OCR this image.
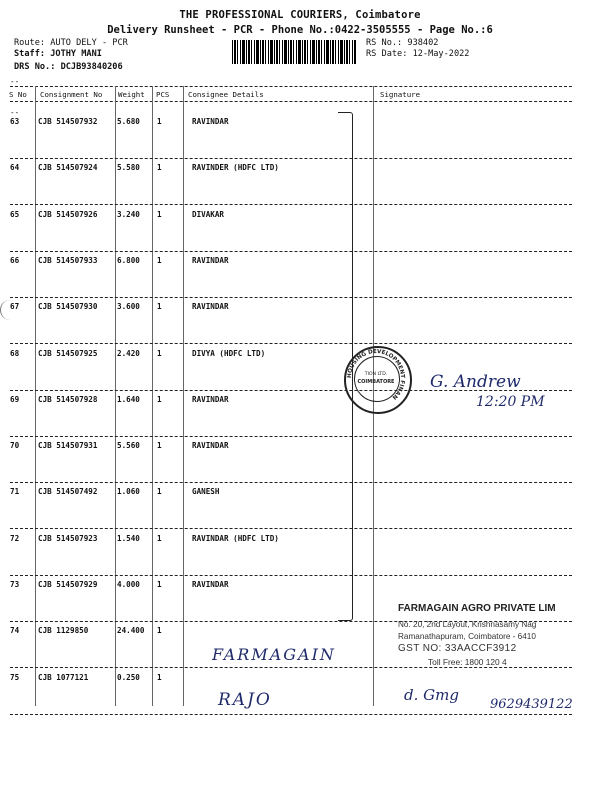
THE PROFESSIONAL COURIERS, Coimbatore
Delivery Runsheet - PCR - Phone No.:0422-3505555 - Page No.:6
Route: AUTO DELY - PCR
Staff: JOTHY MANI
DRS No.: DCJB93840206
RS No.: 938402
RS Date: 12-May-2022
--
S No Consignment No Weight PCS	Consignee Details	Signature
--
63 CJB 514507932	5.680 1	RAVINDAR
64 CJB 514507924	5.580 1	RAVINDER (HDFC LTD)
65 CJB 514507926	3.240 1	DIVAKAR
66 CJB 514507933	6.800 1	RAVINDAR
67 CJB 514507930	3.600 1	RAVINDAR
68 CJB 514507925	2.420 1	DIVYA (HDFC LTD)
69 CJB 514507928	1.640 1	RAVINDAR
70 CJB 514507931	5.560 1	RAVINDAR
71 CJB 514507492	1.060 1	GANESH
72 CJB 514507923	1.540 1	RAVINDAR (HDFC LTD)
73 CJB 514507929	4.000 1	RAVINDAR
74 CJB 1129850	24.400 1
75 CJB 1077121	0.250 1
HOUSING DEVELOPMENT FINAN
TION LTD.
COIMBATORE G. Andrew
12:20 PM
FARMAGAIN AGRO PRIVATE LIM
No. 20, 2nd Layout, Krishnasamy Nag
Ramanathapuram, Coimbatore - 6410
GST NO: 33AACCF3912
Toll Free: 1800 120 4
FARMAGAIN
RAJO	d. Gmg
9629439122
